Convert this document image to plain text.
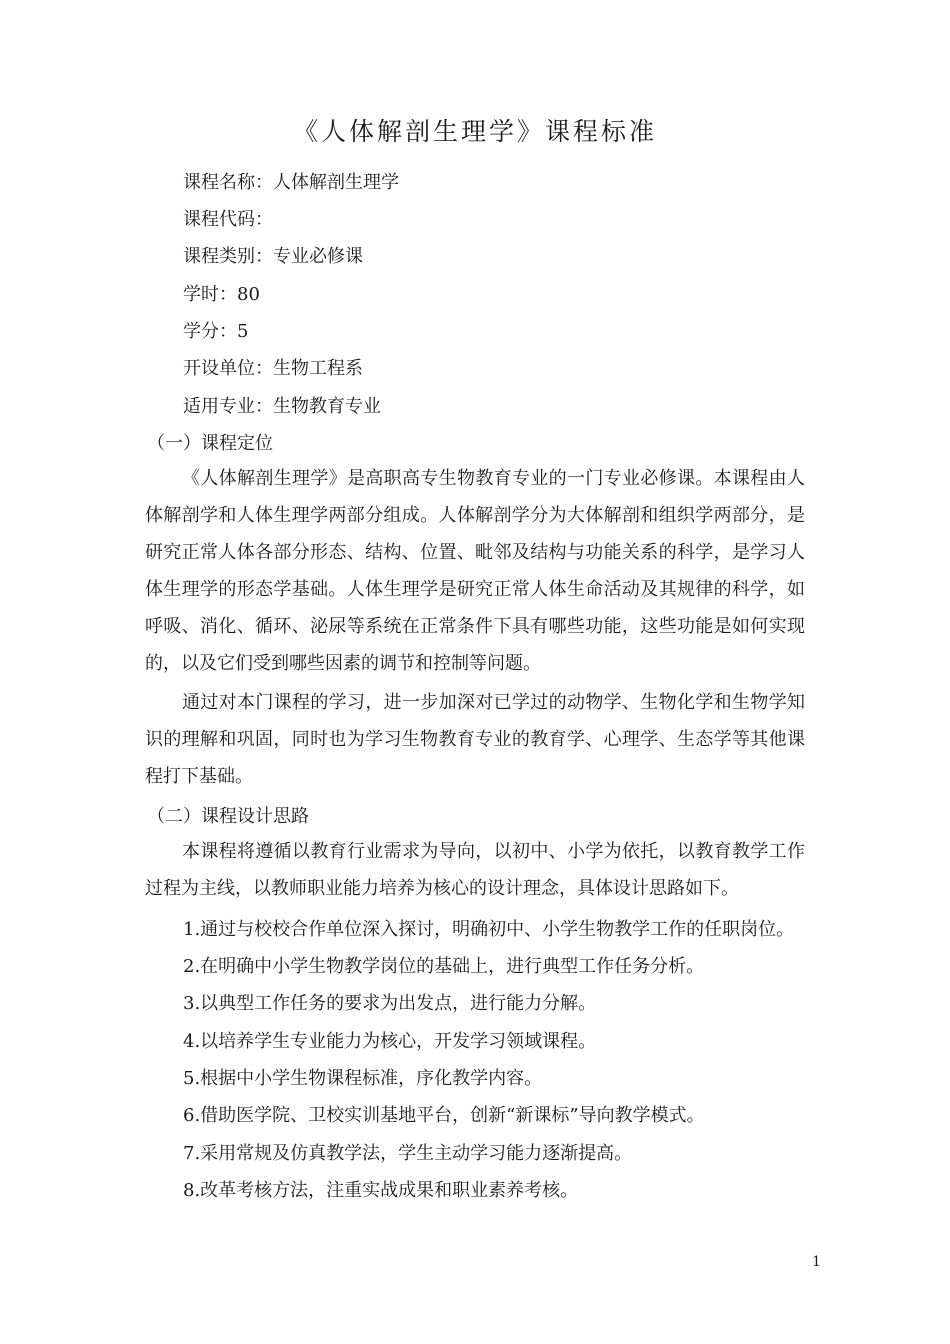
《人体解剖生理学》课程标准
课程名称：人体解剖生理学
课程代码：
课程类别：专业必修课
学时：80
学分：5
开设单位：生物工程系
适用专业：生物教育专业
（一）课程定位

《人体解剖生理学》是高职高专生物教育专业的一门专业必修课。本课程由人体解剖学和人体生理学两部分组成。人体解剖学分为大体解剖和组织学两部分，是研究正常人体各部分形态、结构、位置、毗邻及结构与功能关系的科学，是学习人体生理学的形态学基础。人体生理学是研究正常人体生命活动及其规律的科学，如呼吸、消化、循环、泌尿等系统在正常条件下具有哪些功能，这些功能是如何实现的，以及它们受到哪些因素的调节和控制等问题。

通过对本门课程的学习，进一步加深对已学过的动物学、生物化学和生物学知识的理解和巩固，同时也为学习生物教育专业的教育学、心理学、生态学等其他课程打下基础。

（二）课程设计思路

本课程将遵循以教育行业需求为导向，以初中、小学为依托，以教育教学工作过程为主线，以教师职业能力培养为核心的设计理念，具体设计思路如下。

1.通过与校校合作单位深入探讨，明确初中、小学生物教学工作的任职岗位。
2.在明确中小学生物教学岗位的基础上，进行典型工作任务分析。
3.以典型工作任务的要求为出发点，进行能力分解。
4.以培养学生专业能力为核心，开发学习领域课程。
5.根据中小学生物课程标准，序化教学内容。
6.借助医学院、卫校实训基地平台，创新“新课标”导向教学模式。
7.采用常规及仿真教学法，学生主动学习能力逐渐提高。
8.改革考核方法，注重实战成果和职业素养考核。
1
